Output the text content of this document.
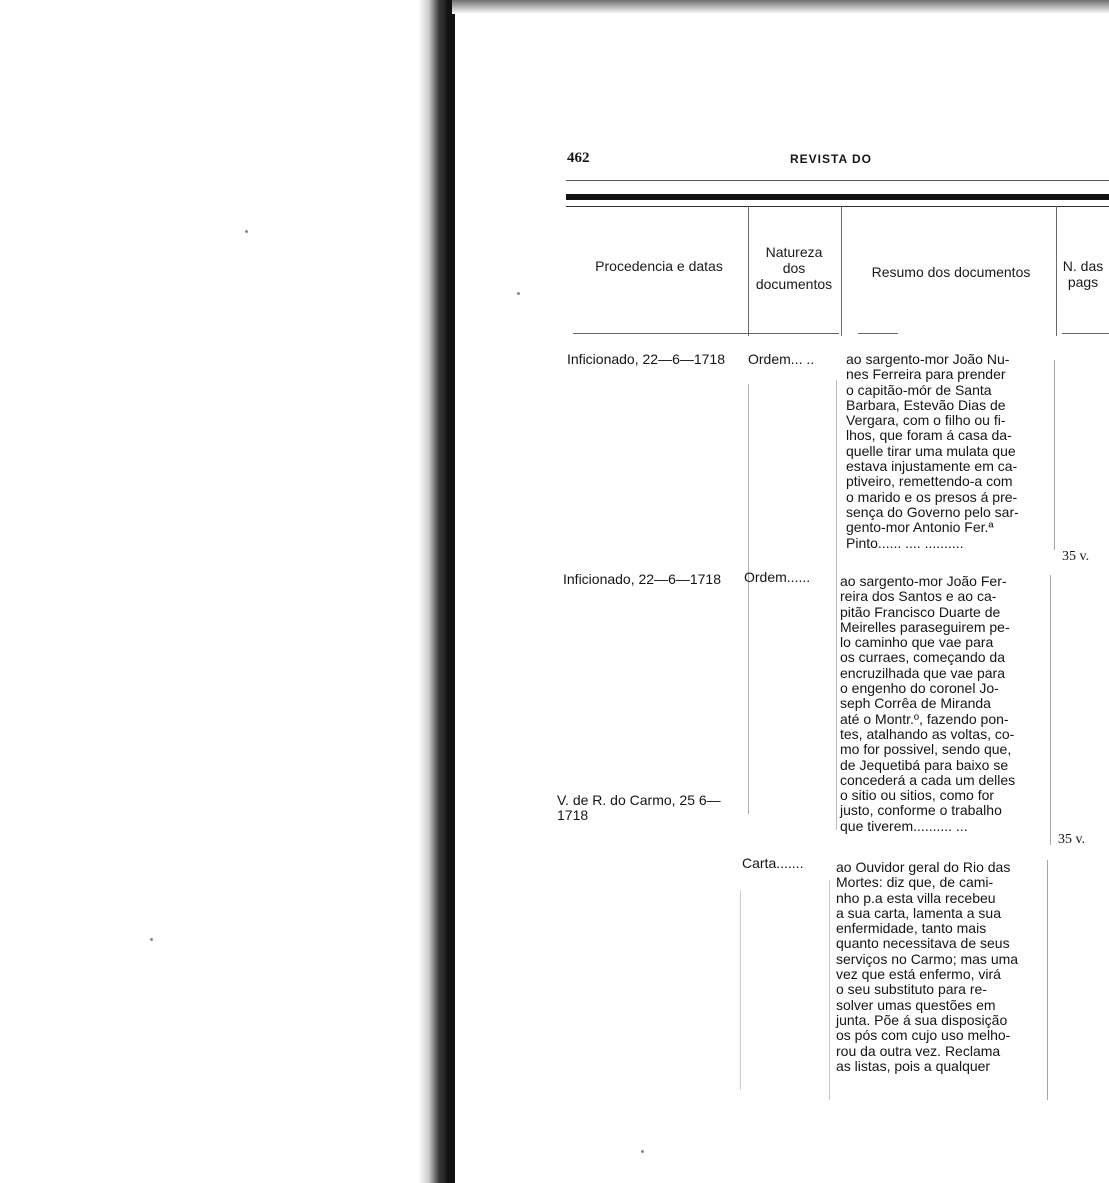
462	REVISTA DO
Procedencia e datas
Natureza
dos
documentos
Resumo dos documentos	N. das
pags
Inficionado, 22—6—1718 Ordem... .. ao sargento-mor João Nu-
nes Ferreira para prender
o capitão-mór de Santa
Barbara, Estevão Dias de
Vergara, com o filho ou fi-
lhos, que foram á casa da-
quelle tirar uma mulata que
estava injustamente em ca-
ptiveiro, remettendo-a com
o marido e os presos á pre-
sença do Governo pelo sar-
gento-mor Antonio Fer.ª
Pinto...... .... ..........
35 v.
Inficionado, 22—6—1718 Ordem...... ao sargento-mor João Fer-
reira dos Santos e ao ca-
pitão Francisco Duarte de
Meirelles paraseguirem pe-
lo caminho que vae para
os curraes, começando da
encruzilhada que vae para
o engenho do coronel Jo-
seph Corrêa de Miranda
até o Montr.º, fazendo pon-
tes, atalhando as voltas, co-
mo for possivel, sendo que,
de Jequetibá para baixo se
concederá a cada um delles
o sitio ou sitios, como for
justo, conforme o trabalho
que tiverem.......... ...
35 v.
V. de R. do Carmo, 25 6—1718
Carta....... ao Ouvidor geral do Rio das
Mortes: diz que, de cami-
nho p.a esta villa recebeu
a sua carta, lamenta a sua
enfermidade, tanto mais
quanto necessitava de seus
serviços no Carmo; mas uma
vez que está enfermo, virá
o seu substituto para re-
solver umas questões em
junta. Põe á sua disposição
os pós com cujo uso melho-
rou da outra vez. Reclama
as listas, pois a qualquer
